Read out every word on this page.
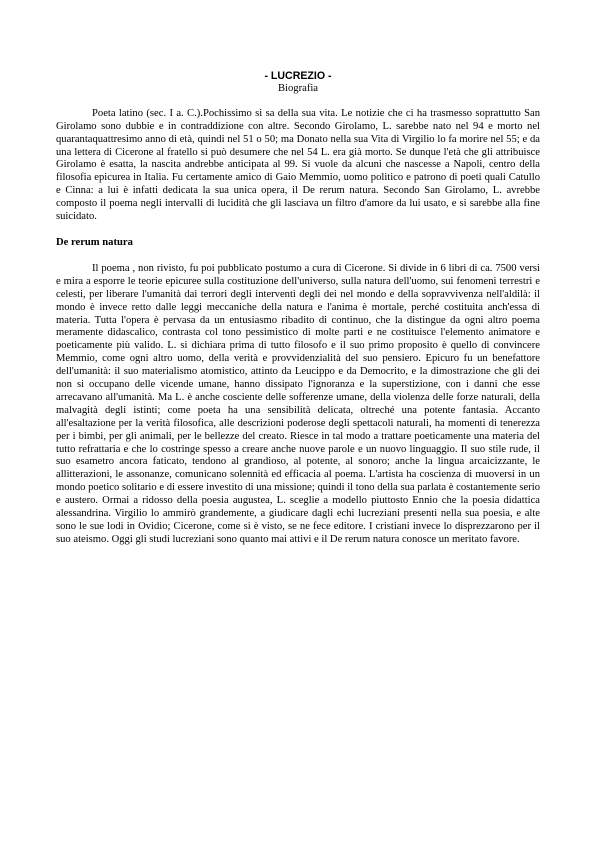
- LUCREZIO -

Biografia

Poeta latino (sec. I a. C.).Pochissimo si sa della sua vita. Le notizie che ci ha trasmesso soprattutto San Girolamo sono dubbie e in contraddizione con altre. Secondo Girolamo, L. sarebbe nato nel 94 e morto nel quarantaquattresimo anno di età, quindi nel 51 o 50; ma Donato nella sua Vita di Virgilio lo fa morire nel 55; e da una lettera di Cicerone al fratello si può desumere che nel 54 L. era già morto. Se dunque l'età che gli attribuisce Girolamo è esatta, la nascita andrebbe anticipata al 99. Si vuole da alcuni che nascesse a Napoli, centro della filosofia epicurea in Italia. Fu certamente amico di Gaio Memmio, uomo politico e patrono di poeti quali Catullo e Cinna: a lui è infatti dedicata la sua unica opera, il De rerum natura. Secondo San Girolamo, L. avrebbe composto il poema negli intervalli di lucidità che gli lasciava un filtro d'amore da lui usato, e si sarebbe alla fine suicidato.

De rerum natura

Il poema , non rivisto, fu poi pubblicato postumo a cura di Cicerone. Si divide in 6 libri di ca. 7500 versi e mira a esporre le teorie epicuree sulla costituzione dell'universo, sulla natura dell'uomo, sui fenomeni terrestri e celesti, per liberare l'umanità dai terrori degli interventi degli dei nel mondo e della sopravvivenza nell'aldilà: il mondo è invece retto dalle leggi meccaniche della natura e l'anima è mortale, perché costituita anch'essa di materia. Tutta l'opera è pervasa da un entusiasmo ribadito di continuo, che la distingue da ogni altro poema meramente didascalico, contrasta col tono pessimistico di molte parti e ne costituisce l'elemento animatore e poeticamente più valido. L. si dichiara prima di tutto filosofo e il suo primo proposito è quello di convincere Memmio, come ogni altro uomo, della verità e provvidenzialità del suo pensiero. Epicuro fu un benefattore dell'umanità: il suo materialismo atomistico, attinto da Leucippo e da Democrito, e la dimostrazione che gli dei non si occupano delle vicende umane, hanno dissipato l'ignoranza e la superstizione, con i danni che esse arrecavano all'umanità. Ma L. è anche cosciente delle sofferenze umane, della violenza delle forze naturali, della malvagità degli istinti; come poeta ha una sensibilità delicata, oltreché una potente fantasia. Accanto all'esaltazione per la verità filosofica, alle descrizioni poderose degli spettacoli naturali, ha momenti di tenerezza per i bimbi, per gli animali, per le bellezze del creato. Riesce in tal modo a trattare poeticamente una materia del tutto refrattaria e che lo costringe spesso a creare anche nuove parole e un nuovo linguaggio. Il suo stile rude, il suo esametro ancora faticato, tendono al grandioso, al potente, al sonoro; anche la lingua arcaicizzante, le allitterazioni, le assonanze, comunicano solennità ed efficacia al poema. L'artista ha coscienza di muoversi in un mondo poetico solitario e di essere investito di una missione; quindi il tono della sua parlata è costantemente serio e austero. Ormai a ridosso della poesia augustea, L. sceglie a modello piuttosto Ennio che la poesia didattica alessandrina. Virgilio lo ammirò grandemente, a giudicare dagli echi lucreziani presenti nella sua poesia, e alte sono le sue lodi in Ovidio; Cicerone, come si è visto, se ne fece editore. I cristiani invece lo disprezzarono per il suo ateismo. Oggi gli studi lucreziani sono quanto mai attivi e il De rerum natura conosce un meritato favore.
